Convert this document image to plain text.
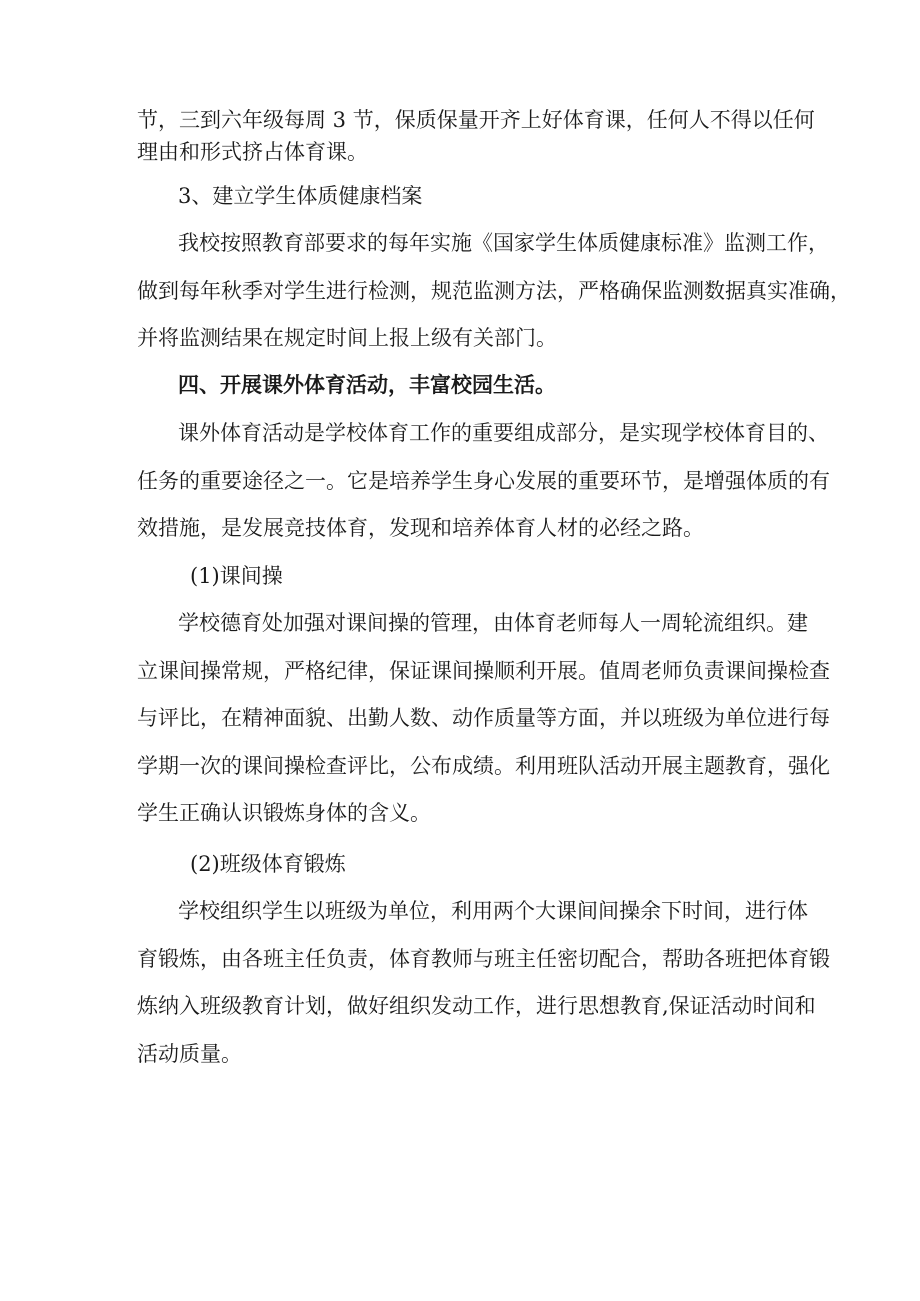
节，三到六年级每周 3 节，保质保量开齐上好体育课，任何人不得以任何
理由和形式挤占体育课。
3、建立学生体质健康档案
我校按照教育部要求的每年实施《国家学生体质健康标准》监测工作，
做到每年秋季对学生进行检测，规范监测方法，严格确保监测数据真实准确，
并将监测结果在规定时间上报上级有关部门。
四、开展课外体育活动，丰富校园生活。
课外体育活动是学校体育工作的重要组成部分，是实现学校体育目的、
任务的重要途径之一。它是培养学生身心发展的重要环节，是增强体质的有
效措施，是发展竞技体育，发现和培养体育人材的必经之路。
(1)课间操
学校德育处加强对课间操的管理，由体育老师每人一周轮流组织。建
立课间操常规，严格纪律，保证课间操顺利开展。值周老师负责课间操检查
与评比，在精神面貌、出勤人数、动作质量等方面，并以班级为单位进行每
学期一次的课间操检查评比，公布成绩。利用班队活动开展主题教育，强化
学生正确认识锻炼身体的含义。
(2)班级体育锻炼
学校组织学生以班级为单位，利用两个大课间间操余下时间，进行体
育锻炼，由各班主任负责，体育教师与班主任密切配合，帮助各班把体育锻
炼纳入班级教育计划，做好组织发动工作，进行思想教育,保证活动时间和
活动质量。
